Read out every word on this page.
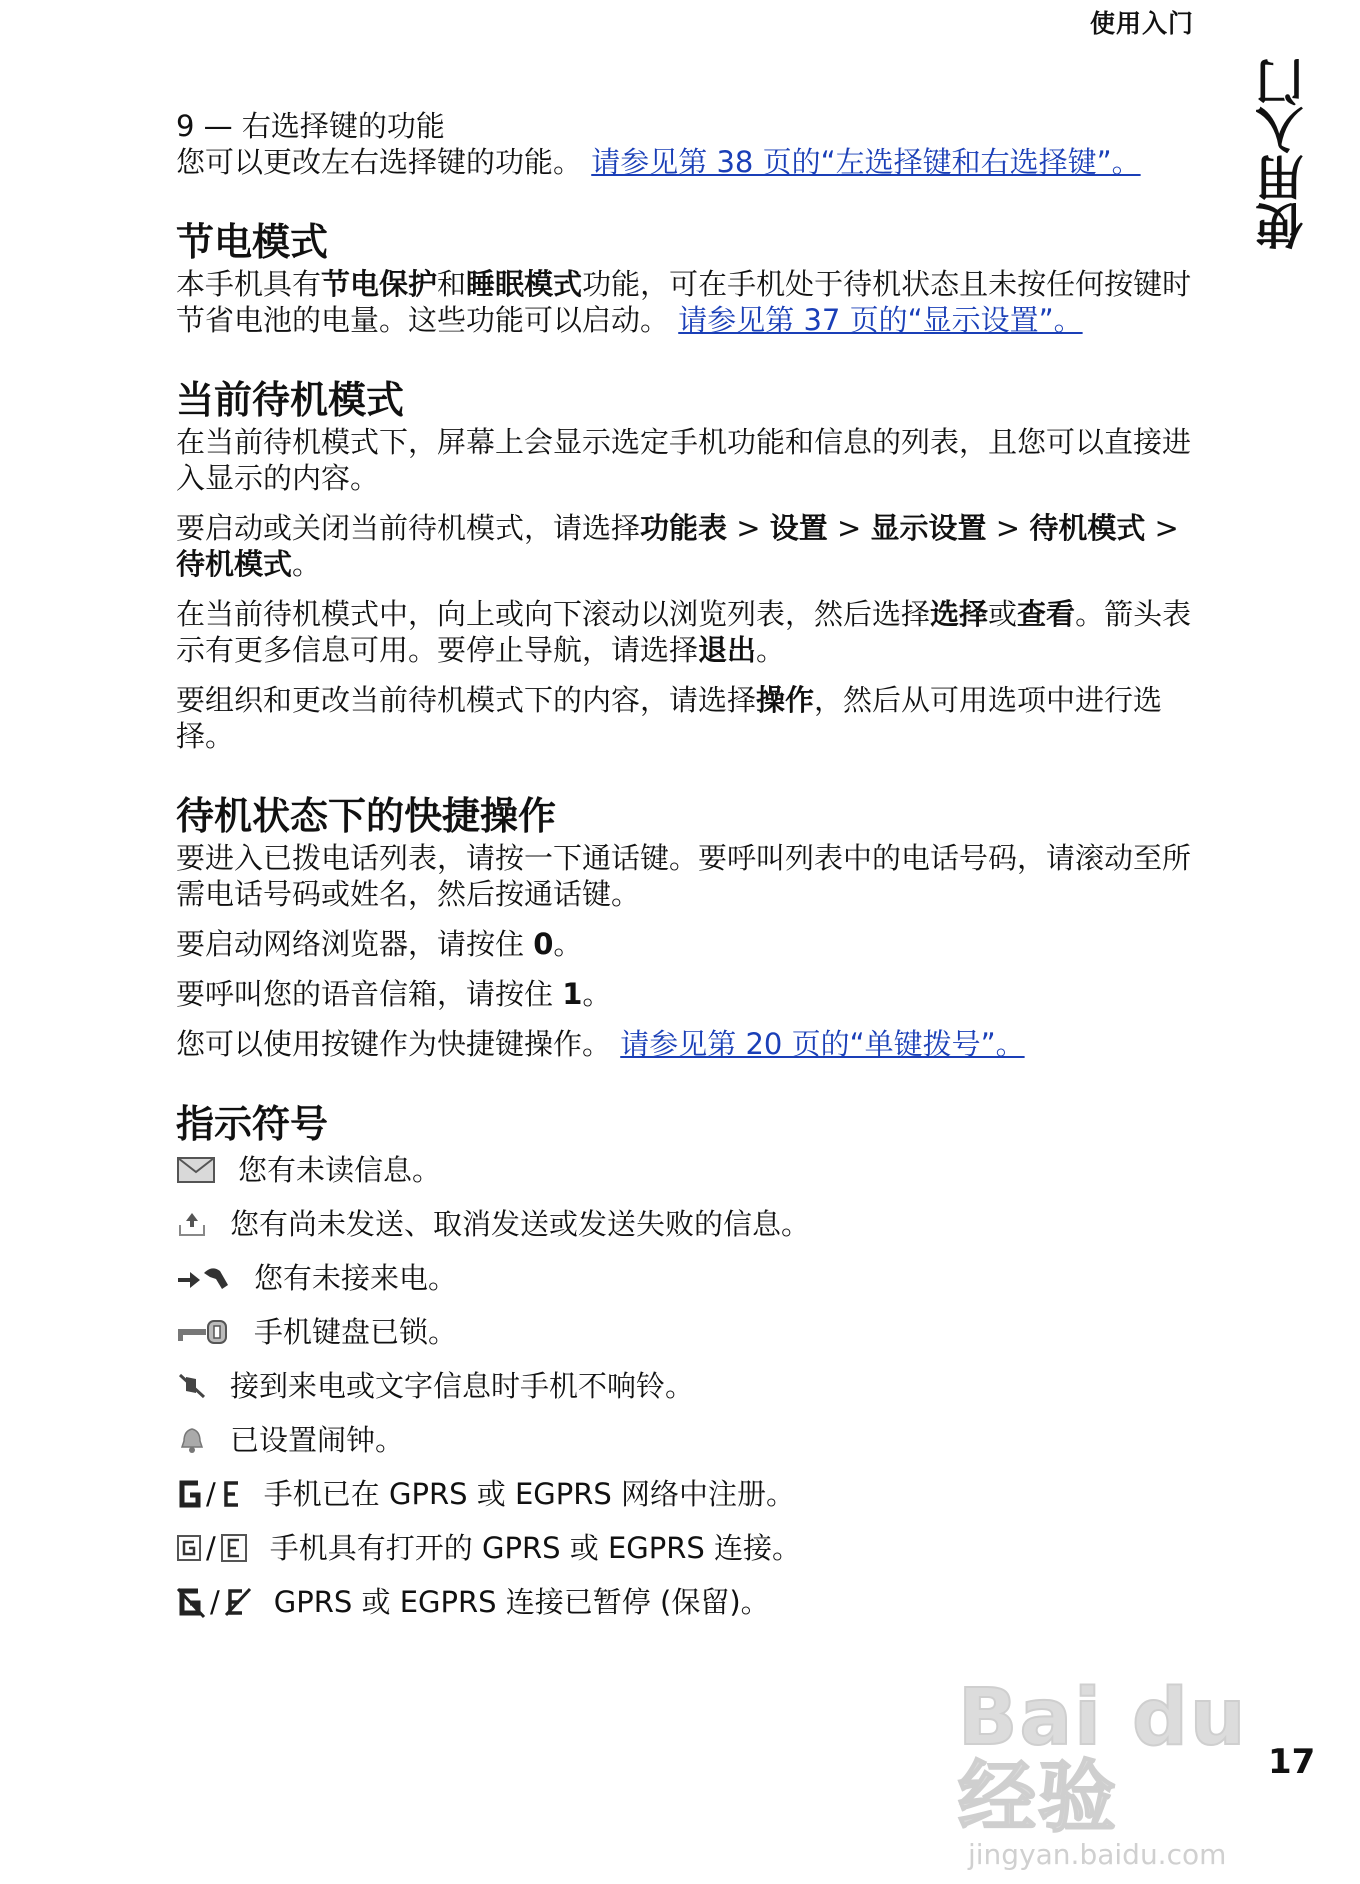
使用入门
使用入门

9 — 右选择键的功能

您可以更改左右选择键的功能。 请参见第 38 页的“左选择键和右选择键”。

节电模式

本手机具有节电保护和睡眠模式功能，可在手机处于待机状态且未按任何按键时节省电池的电量。这些功能可以启动。 请参见第 37 页的“显示设置”。

当前待机模式

在当前待机模式下，屏幕上会显示选定手机功能和信息的列表，且您可以直接进入显示的内容。

要启动或关闭当前待机模式，请选择功能表 > 设置 > 显示设置 > 待机模式 > 待机模式。

在当前待机模式中，向上或向下滚动以浏览列表，然后选择选择或查看。箭头表示有更多信息可用。要停止导航，请选择退出。

要组织和更改当前待机模式下的内容，请选择操作，然后从可用选项中进行选择。

待机状态下的快捷操作

要进入已拨电话列表，请按一下通话键。要呼叫列表中的电话号码，请滚动至所需电话号码或姓名，然后按通话键。

要启动网络浏览器，请按住 0。

要呼叫您的语音信箱，请按住 1。

您可以使用按键作为快捷键操作。 请参见第 20 页的“单键拨号”。

指示符号
您有未读信息。
您有尚未发送、取消发送或发送失败的信息。
您有未接来电。
手机键盘已锁。
接到来电或文字信息时手机不响铃。
已设置闹钟。
/ 手机已在 GPRS 或 EGPRS 网络中注册。
/ 手机具有打开的 GPRS 或 EGPRS 连接。
/ GPRS 或 EGPRS 连接已暂停 (保留)。
Bai du 经验
jingyan.baidu.com
17
